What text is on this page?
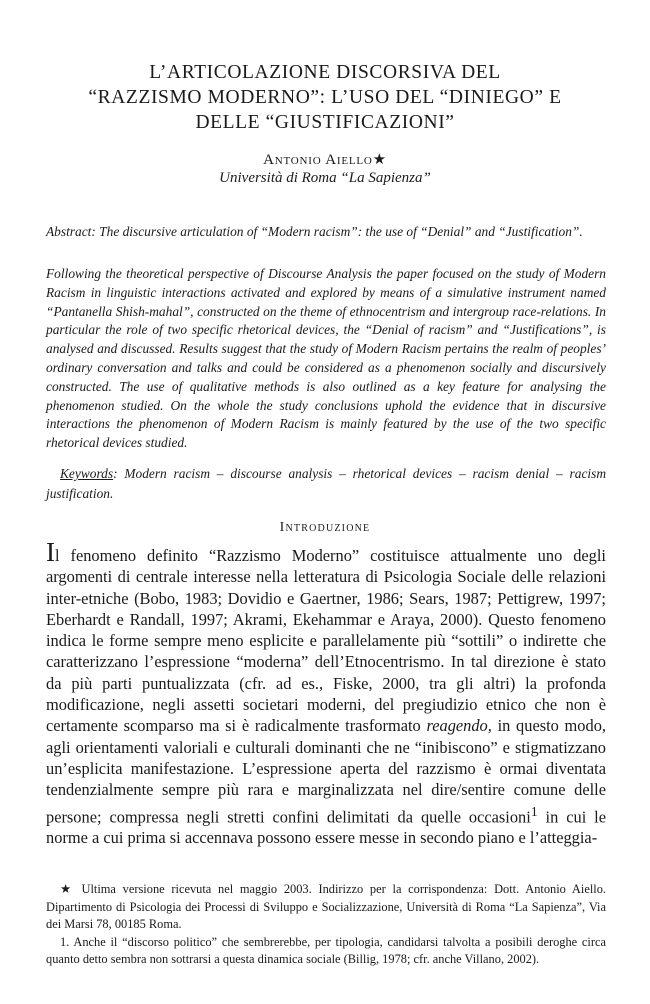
L’ARTICOLAZIONE DISCORSIVA DEL
“RAZZISMO MODERNO”: L’USO DEL “DINIEGO” E
DELLE “GIUSTIFICAZIONI”
Antonio Aiello★
Università di Roma “La Sapienza”
Abstract: The discursive articulation of “Modern racism”: the use of “Denial” and “Justification”.
Following the theoretical perspective of Discourse Analysis the paper focused on the study of Modern Racism in linguistic interactions activated and explored by means of a simulative instrument named “Pantanella Shish-mahal”, constructed on the theme of ethnocentrism and intergroup race-relations. In particular the role of two specific rhetorical devices, the “Denial of racism” and “Justifications”, is analysed and discussed. Results suggest that the study of Modern Racism pertains the realm of peoples’ ordinary conversation and talks and could be considered as a phenomenon socially and discursively constructed. The use of qualitative methods is also outlined as a key feature for analysing the phenomenon studied. On the whole the study conclusions uphold the evidence that in discursive interactions the phenomenon of Modern Racism is mainly featured by the use of the two specific rhetorical devices studied.
Keywords: Modern racism – discourse analysis – rhetorical devices – racism denial – racism justification.
Introduzione
Il fenomeno definito “Razzismo Moderno” costituisce attualmente uno degli argomenti di centrale interesse nella letteratura di Psicologia Sociale delle relazioni inter-etniche (Bobo, 1983; Dovidio e Gaertner, 1986; Sears, 1987; Pettigrew, 1997; Eberhardt e Randall, 1997; Akrami, Ekehammar e Araya, 2000). Questo fenomeno indica le forme sempre meno esplicite e parallelamente più “sottili” o indirette che caratterizzano l’espressione “moderna” dell’Etnocentrismo. In tal direzione è stato da più parti puntualizzata (cfr. ad es., Fiske, 2000, tra gli altri) la profonda modificazione, negli assetti societari moderni, del pregiudizio etnico che non è certamente scomparso ma si è radicalmente trasformato reagendo, in questo modo, agli orientamenti valoriali e culturali dominanti che ne “inibiscono” e stigmatizzano un’esplicita manifestazione. L’espressione aperta del razzismo è ormai diventata tendenzialmente sempre più rara e marginalizzata nel dire/sentire comune delle persone; compressa negli stretti confini delimitati da quelle occasioni$^1$ in cui le norme a cui prima si accennava possono essere messe in secondo piano e l’atteggia-

★ Ultima versione ricevuta nel maggio 2003. Indirizzo per la corrispondenza: Dott. Antonio Aiello. Dipartimento di Psicologia dei Processi di Sviluppo e Socializzazione, Università di Roma “La Sapienza”, Via dei Marsi 78, 00185 Roma.

1. Anche il “discorso politico” che sembrerebbe, per tipologia, candidarsi talvolta a posibili deroghe circa quanto detto sembra non sottrarsi a questa dinamica sociale (Billig, 1978; cfr. anche Villano, 2002).
